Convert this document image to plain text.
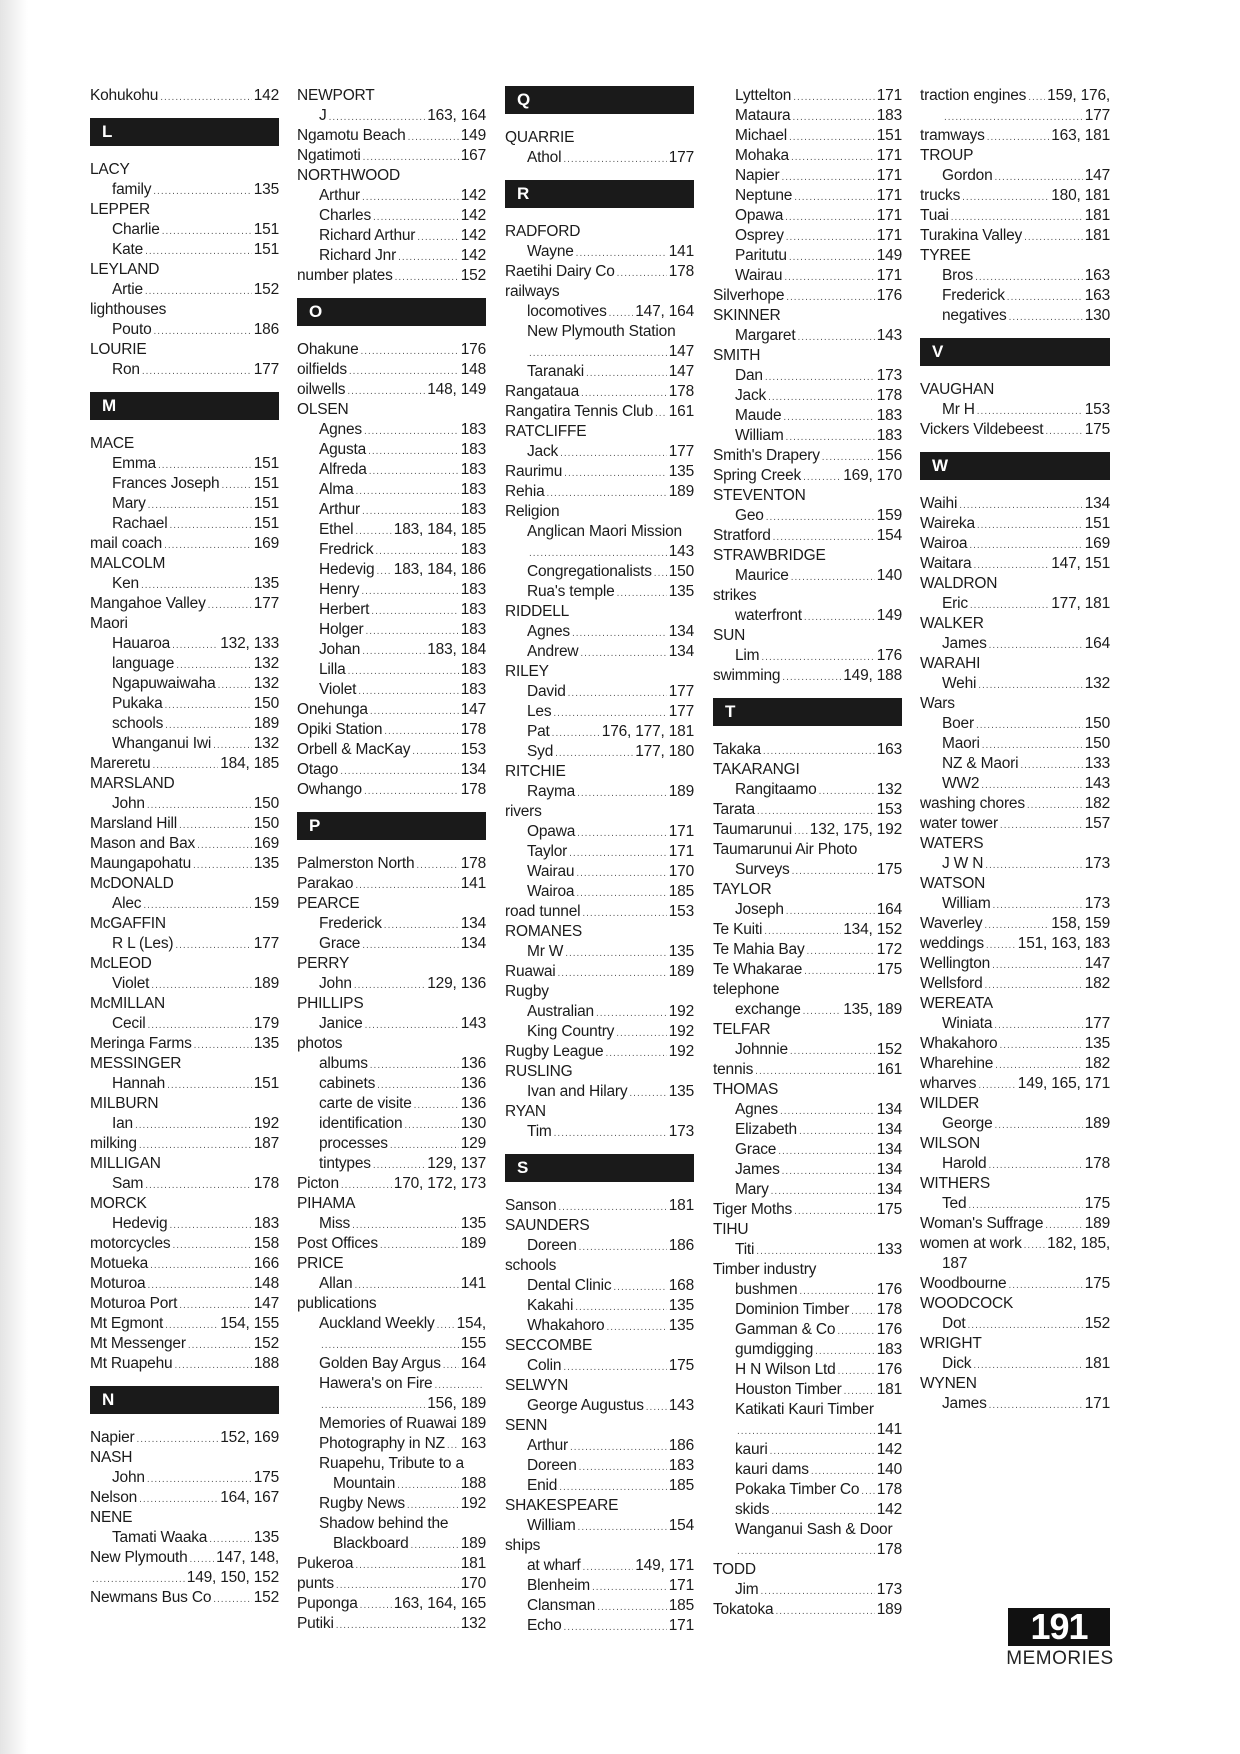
Kohukohu .....	142
L
LACY
family .....	135
LEPPER
Charlie .....	151
Kate .....	151
LEYLAND
Artie .....	152
lighthouses
Pouto .....	186
LOURIE
Ron .....	177
M
MACE
Emma .....	151
Frances Joseph ..... 151
Mary .....	151
Rachael .....	151
mail coach .....	169
MALCOLM
Ken .....	135
Mangahoe Valley .....	177
Maori
Hauaroa .....	132, 133
language .....	132
Ngapuwaiwaha ..... 132
Pukaka .....	150
schools .....	189
Whanganui Iwi .....	132
Mareretu .....	184, 185
MARSLAND
John .....	150
Marsland Hill .....	150
Mason and Bax .....	169
Maungapohatu .....	135
McDONALD
Alec .....	159
McGAFFIN
R L (Les) .....	177
McLEOD
Violet .....	189
McMILLAN
Cecil .....	179
Meringa Farms .....	135
MESSINGER
Hannah .....	151
MILBURN
Ian .....	192
milking .....	187
MILLIGAN
Sam .....	178
MORCK
Hedevig .....	183
motorcycles .....	158
Motueka .....	166
Moturoa .....	148
Moturoa Port .....	147
Mt Egmont .....	154, 155
Mt Messenger .....	152
Mt Ruapehu .....	188
N
Napier .....	152, 169
NASH
John .....	175
Nelson .....	164, 167
NENE
Tamati Waaka .....	135
New Plymouth ..... 147, 148,
.....
149, 150, 152
Newmans Bus Co .....	152
NEWPORT
J .....	163, 164
Ngamotu Beach .....	149
Ngatimoti .....	167
NORTHWOOD
Arthur .....	142
Charles .....	142
Richard Arthur .....	142
Richard Jnr .....	142
number plates .....	152
O
Ohakune .....	176
oilfields .....	148
oilwells .....	148, 149
OLSEN
Agnes .....	183
Agusta .....	183
Alfreda .....	183
Alma .....	183
Arthur .....	183
Ethel .....	183, 184, 185
Fredrick .....	183
Hedevig ..... 183, 184, 186
Henry .....	183
Herbert .....	183
Holger .....	183
Johan .....	183, 184
Lilla .....	183
Violet .....	183
Onehunga .....	147
Opiki Station .....	178
Orbell & MacKay .....	153
Otago .....	134
Owhango .....	178
P
Palmerston North .....	178
Parakao .....	141
PEARCE
Frederick .....	134
Grace .....	134
PERRY
John .....	129, 136
PHILLIPS
Janice .....	143
photos
albums .....	136
cabinets .....	136
carte de visite .....	136
identification .....	130
processes .....	129
tintypes .....	129, 137
Picton .....	170, 172, 173
PIHAMA
Miss .....	135
Post Offices .....	189
PRICE
Allan .....	141
publications
Auckland Weekly ..... 154,
.....
155
Golden Bay Argus ..... 164
Hawera's on Fire
.....
.....
156, 189
Memories of Ruawai ..... 189
Photography in NZ ..... 163
Ruapehu, Tribute to a
Mountain .....	188
Rugby News .....	192
Shadow behind the
Blackboard .....	189
Pukeroa .....	181
punts .....	170
Puponga ..... 163, 164, 165
Putiki .....	132
Q
QUARRIE
Athol .....	177
R
RADFORD
Wayne .....	141
Raetihi Dairy Co .....	178
railways
locomotives ..... 147, 164
New Plymouth Station
.....
147
Taranaki .....	147
Rangataua .....	178
Rangatira Tennis Club ..... 161
RATCLIFFE
Jack .....	177
Raurimu .....	135
Rehia .....	189
Religion
Anglican Maori Mission
.....
143
Congregationalists ..... 150
Rua's temple .....	135
RIDDELL
Agnes .....	134
Andrew .....	134
RILEY
David .....	177
Les .....	177
Pat .....	176, 177, 181
Syd .....	177, 180
RITCHIE
Rayma .....	189
rivers
Opawa .....	171
Taylor .....	171
Wairau .....	170
Wairoa .....	185
road tunnel .....	153
ROMANES
Mr W .....	135
Ruawai .....	189
Rugby
Australian .....	192
King Country .....	192
Rugby League .....	192
RUSLING
Ivan and Hilary .....	135
RYAN
Tim .....	173
S
Sanson .....	181
SAUNDERS
Doreen .....	186
schools
Dental Clinic .....	168
Kakahi .....	135
Whakahoro .....	135
SECCOMBE
Colin .....	175
SELWYN
George Augustus ..... 143
SENN
Arthur .....	186
Doreen .....	183
Enid .....	185
SHAKESPEARE
William .....	154
ships
at wharf .....	149, 171
Blenheim .....	171
Clansman .....	185
Echo .....	171
Lyttelton .....	171
Mataura .....	183
Michael .....	151
Mohaka .....	171
Napier .....	171
Neptune .....	171
Opawa .....	171
Osprey .....	171
Paritutu .....	149
Wairau .....	171
Silverhope .....	176
SKINNER
Margaret .....	143
SMITH
Dan .....	173
Jack .....	178
Maude .....	183
William .....	183
Smith's Drapery .....	156
Spring Creek .....	169, 170
STEVENTON
Geo .....	159
Stratford .....	154
STRAWBRIDGE
Maurice .....	140
strikes
waterfront .....	149
SUN
Lim .....	176
swimming .....	149, 188
T
Takaka .....	163
TAKARANGI
Rangitaamo .....	132
Tarata .....	153
Taumarunui ..... 132, 175, 192
Taumarunui Air Photo
Surveys .....	175
TAYLOR
Joseph .....	164
Te Kuiti .....	134, 152
Te Mahia Bay .....	172
Te Whakarae .....	175
telephone
exchange .....	135, 189
TELFAR
Johnnie .....	152
tennis .....	161
THOMAS
Agnes .....	134
Elizabeth .....	134
Grace .....	134
James .....	134
Mary .....	134
Tiger Moths .....	175
TIHU
Titi .....	133
Timber industry
bushmen .....	176
Dominion Timber ..... 178
Gamman & Co .....	176
gumdigging .....	183
H N Wilson Ltd .....	176
Houston Timber ..... 181
Katikati Kauri Timber
.....
141
kauri .....	142
kauri dams .....	140
Pokaka Timber Co ..... 178
skids .....	142
Wanganui Sash & Door
.....
178
TODD
Jim .....	173
Tokatoka .....	189
traction engines ..... 159, 176,
.....
177
tramways .....	163, 181
TROUP
Gordon .....	147
trucks .....	180, 181
Tuai .....	181
Turakina Valley .....	181
TYREE
Bros .....	163
Frederick .....	163
negatives .....	130
V
VAUGHAN
Mr H .....	153
Vickers Vildebeest .....	175
W
Waihi .....	134
Waireka .....	151
Wairoa .....	169
Waitara .....	147, 151
WALDRON
Eric .....	177, 181
WALKER
James .....	164
WARAHI
Wehi .....	132
Wars
Boer .....	150
Maori .....	150
NZ & Maori .....	133
WW2 .....	143
washing chores .....	182
water tower .....	157
WATERS
J W N .....	173
WATSON
William .....	173
Waverley .....	158, 159
weddings ..... 151, 163, 183
Wellington .....	147
Wellsford .....	182
WEREATA
Winiata .....	177
Whakahoro .....	135
Wharehine .....	182
wharves .....	149, 165, 171
WILDER
George .....	189
WILSON
Harold .....	178
WITHERS
Ted .....	175
Woman's Suffrage .....	189
women at work ..... 182, 185,
187
Woodbourne .....	175
WOODCOCK
Dot .....	152
WRIGHT
Dick .....	181
WYNEN
James .....	171
191
MEMORIES
